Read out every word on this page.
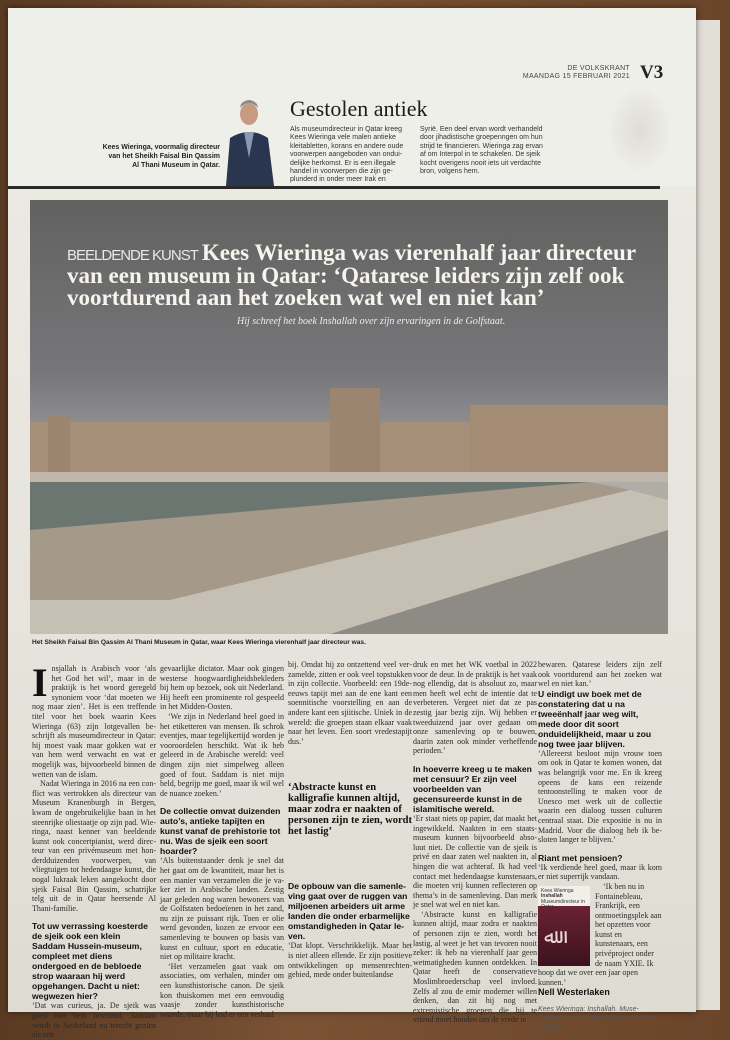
DE VOLKSKRANT
MAANDAG 15 FEBRUARI 2021 V3
Kees Wieringa, voormalig directeur van het Sheikh Faisal Bin Qassim Al Thani Museum in Qatar.
Gestolen antiek
Als museumdirecteur in Qatar kreeg Kees Wieringa vele malen antieke kleitabletten, korans en andere oude voorwerpen aangeboden van onduidelijke herkomst. Er is een illegale handel in voorwerpen die zijn geplunderd in onder meer Irak en
Syrië. Een deel ervan wordt verhandeld door jihadistische groepenngen om hun strijd te financieren. Wieringa zag ervan af om Interpol in te schakelen. De sjeik kocht overigens nooit iets uit verdachte bron, volgens hem.
BEELDENDE KUNST Kees Wieringa was vierenhalf jaar directeur van een museum in Qatar: ‘Qatarese leiders zijn zelf ook voortdurend aan het zoeken wat wel en niet kan’
Hij schreef het boek Inshallah over zijn ervaringen in de Golfstaat.
Het Sheikh Faisal Bin Qassim Al Thani Museum in Qatar, waar Kees Wieringa vierenhalf jaar directeur was.

Insjallah is Arabisch voor ‘als het God het wil’, maar in de praktijk is het woord geregeld synoniem voor ‘dat moeten we nog maar zien’. Het is een treffende titel voor het boek waarin Kees Wieringa (63) zijn lotgevallen beschrijft als museumdirecteur in Qatar: hij moest vaak maar gokken wat er van hem werd verwacht en wat er mogelijk was, bijvoorbeeld binnen de wetten van de islam.

Nadat Wieringa in 2016 na een conflict was vertrokken als directeur van Museum Kranenburgh in Bergen, kwam de ongebruikelijke baan in het steenrijke oliestaatje op zijn pad. Wieringa, naast kenner van beeldende kunst ook concertpianist, werd directeur van een privémuseum met honderdduizenden voorwerpen, van vliegtuigen tot hedendaagse kunst, die nogal lukraak leken aangekocht door sjeik Faisal Bin Qassim, schatrijke telg uit de in Qatar heersende Al Thani-familie.

Tot uw verrassing koesterde de sjeik ook een klein Saddam Hussein-museum, compleet met diens ondergoed en de bebloede strop waaraan hij werd opgehangen. Dacht u niet: wegwezen hier?

‘Dat was curieus, ja. De sjeik was goed met hem bevriend. Saddam wordt in Nederland nu terecht gezien als een

gevaarlijke dictator. Maar ook gingen westerse hoogwaardigheidsbekleders bij hem op bezoek, ook uit Nederland. Hij heeft een prominente rol gespeeld in het Midden-Oosten.

‘We zijn in Nederland heel goed in het etiketteren van mensen. Ik schrok eventjes, maar tegelijkertijd worden je vooroordelen herschikt. Wat ik heb geleerd in de Arabische wereld: veel dingen zijn niet simpelweg alleen goed of fout. Saddam is niet mijn held, begrijp me goed, maar ik wil wel de nuance zoeken.’

De collectie omvat duizenden auto’s, antieke tapijten en kunst vanaf de prehistorie tot nu. Was de sjeik een soort hoarder?

‘Als buitenstaander denk je snel dat het gaat om de kwantiteit, maar het is een manier van verzamelen die je vaker ziet in Arabische landen. Zestig jaar geleden nog waren bewoners van de Golfstaten bedoeïenen in het zand, nu zijn ze puissant rijk. Toen er olie werd gevonden, kozen ze ervoor een samenleving te bouwen op basis van kunst en cultuur, sport en educatie, niet op militaire kracht.

‘Het verzamelen gaat vaak om associaties, om verhalen, minder om een kunsthistorische canon. De sjeik kon thuiskomen met een eenvoudig vaasje zonder kunsthistorische waarde, maar hij had er een verhaal

bij. Omdat hij zo ontzettend veel verzamelde, zitten er ook veel topstukken in zijn collectie. Voorbeeld: een 19de-eeuws tapijt met aan de ene kant een soennitische voorstelling en aan de andere kant een sjiitische. Uniek in de wereld: die groepen staan elkaar vaak naar het leven. Een soort vredestapijt dus.’

‘Abstracte kunst en kalligrafie kunnen altijd, maar zodra er naakten of personen zijn te zien, wordt het lastig’
De opbouw van die samenleving gaat over de ruggen van miljoenen arbeiders uit arme landen die onder erbarmelijke omstandigheden in Qatar leven.

‘Dat klopt. Verschrikkelijk. Maar het is niet alleen ellende. Er zijn positieve ontwikkelingen op mensenrechtengebied, mede onder buitenlandse

druk en met het WK voetbal in 2022 voor de deur. In de praktijk is het vaak nog ellendig, dat is absoluut zo, maar men heeft wel echt de intentie dat te verbeteren. Vergeet niet dat ze pas zestig jaar bezig zijn. Wij hebben er tweeduizend jaar over gedaan om onze samenleving op te bouwen, daarin zaten ook minder verheffende perioden.’

In hoeverre kreeg u te maken met censuur? Er zijn veel voorbeelden van gecensureerde kunst in de islamitische wereld.

‘Er staat niets op papier, dat maakt het ingewikkeld. Naakten in een staatsmuseum kunnen bijvoorbeeld absoluut niet. De collectie van de sjeik is privé en daar zaten wel naakten in, al hingen die wat achteraf. Ik had veel contact met hedendaagse kunstenaars, die moeten vrij kunnen reflecteren op thema’s in de samenleving. Dan merk je snel wat wel en niet kan.

‘Abstracte kunst en kalligrafie kunnen altijd, maar zodra er naakten of personen zijn te zien, wordt het lastig, al weet je het van tevoren nooit zeker: ik heb na vierenhalf jaar geen wetmatigheden kunnen ontdekken. In Qatar heeft de conservatieve Moslimbroederschap veel invloed. Zelfs al zou de emir moderner willen denken, dan zit hij nog met extremistische groepen die hij te vriend moet houden om de vrede te

bewaren. Qatarese leiders zijn zelf ook voortdurend aan het zoeken wat wel en niet kan.’

U eindigt uw boek met de constatering dat u na tweeënhalf jaar weg wilt, mede door dit soort onduidelijkheid, maar u zou nog twee jaar blijven.

‘Allereerst besloot mijn vrouw toen om ook in Qatar te komen wonen, dat was belangrijk voor me. En ik kreeg opeens de kans een reizende tentoonstelling te maken voor de Unesco met werk uit de collectie waarin een dialoog tussen culturen centraal staat. Die expositie is nu in Madrid. Voor die dialoog heb ik besloten langer te blijven.’

Riant met pensioen?

‘Ik verdiende heel goed, maar ik kom er niet superrijk vandaan.

Kees Wieringa
Inshallah
Museumdirecteur in Qatar
ﷲ

‘Ik ben nu in Fontainebleau, Frankrijk, een ontmoetingsplek aan het opzetten voor kunst en kunstenaars, een privéproject onder de naam YXIE. Ik hoop dat we over een jaar open kunnen.’

Nell Westerlaken
Kees Wieringa: Inshallah. Museumdirecteur in Qatar. Uitgeverij Water, € 21,99.
